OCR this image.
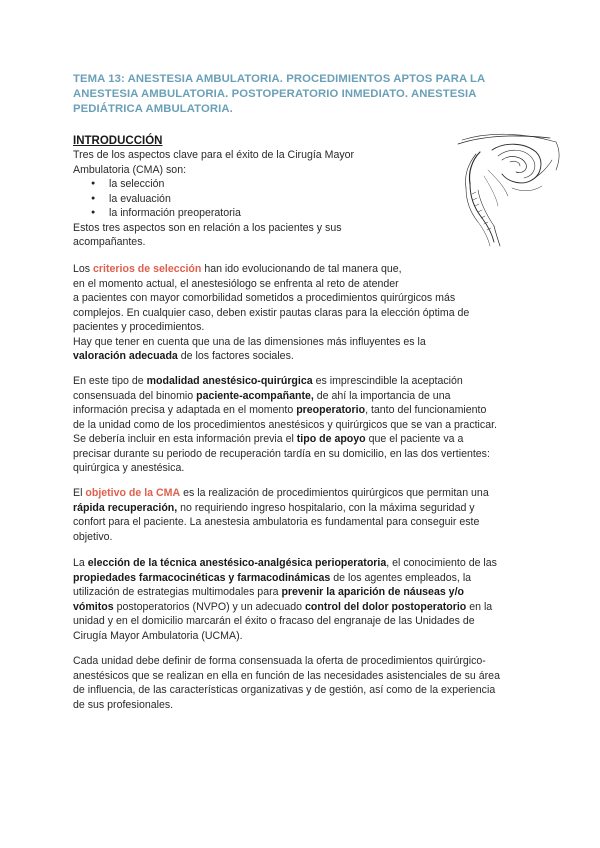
TEMA 13: ANESTESIA AMBULATORIA. PROCEDIMIENTOS APTOS PARA LA
ANESTESIA AMBULATORIA. POSTOPERATORIO INMEDIATO. ANESTESIA
PEDIÁTRICA AMBULATORIA.
INTRODUCCIÓN
Tres de los aspectos clave para el éxito de la Cirugía Mayor
Ambulatoria (CMA) son:
● la selección
● la evaluación
● la información preoperatoria
Estos tres aspectos son en relación a los pacientes y sus
acompañantes.
Los criterios de selección han ido evolucionando de tal manera que,
en el momento actual, el anestesiólogo se enfrenta al reto de atender
a pacientes con mayor comorbilidad sometidos a procedimientos quirúrgicos más
complejos. En cualquier caso, deben existir pautas claras para la elección óptima de
pacientes y procedimientos.
Hay que tener en cuenta que una de las dimensiones más influyentes es la
valoración adecuada de los factores sociales.
En este tipo de modalidad anestésico-quirúrgica es imprescindible la aceptación
consensuada del binomio paciente-acompañante, de ahí la importancia de una
información precisa y adaptada en el momento preoperatorio, tanto del funcionamiento
de la unidad como de los procedimientos anestésicos y quirúrgicos que se van a practicar.
Se debería incluir en esta información previa el tipo de apoyo que el paciente va a
precisar durante su periodo de recuperación tardía en su domicilio, en las dos vertientes:
quirúrgica y anestésica.
El objetivo de la CMA es la realización de procedimientos quirúrgicos que permitan una
rápida recuperación, no requiriendo ingreso hospitalario, con la máxima seguridad y
confort para el paciente. La anestesia ambulatoria es fundamental para conseguir este
objetivo.
La elección de la técnica anestésico-analgésica perioperatoria, el conocimiento de las
propiedades farmacocinéticas y farmacodinámicas de los agentes empleados, la
utilización de estrategias multimodales para prevenir la aparición de náuseas y/o
vómitos postoperatorios (NVPO) y un adecuado control del dolor postoperatorio en la
unidad y en el domicilio marcarán el éxito o fracaso del engranaje de las Unidades de
Cirugía Mayor Ambulatoria (UCMA).
Cada unidad debe definir de forma consensuada la oferta de procedimientos quirúrgico-
anestésicos que se realizan en ella en función de las necesidades asistenciales de su área
de influencia, de las características organizativas y de gestión, así como de la experiencia
de sus profesionales.
